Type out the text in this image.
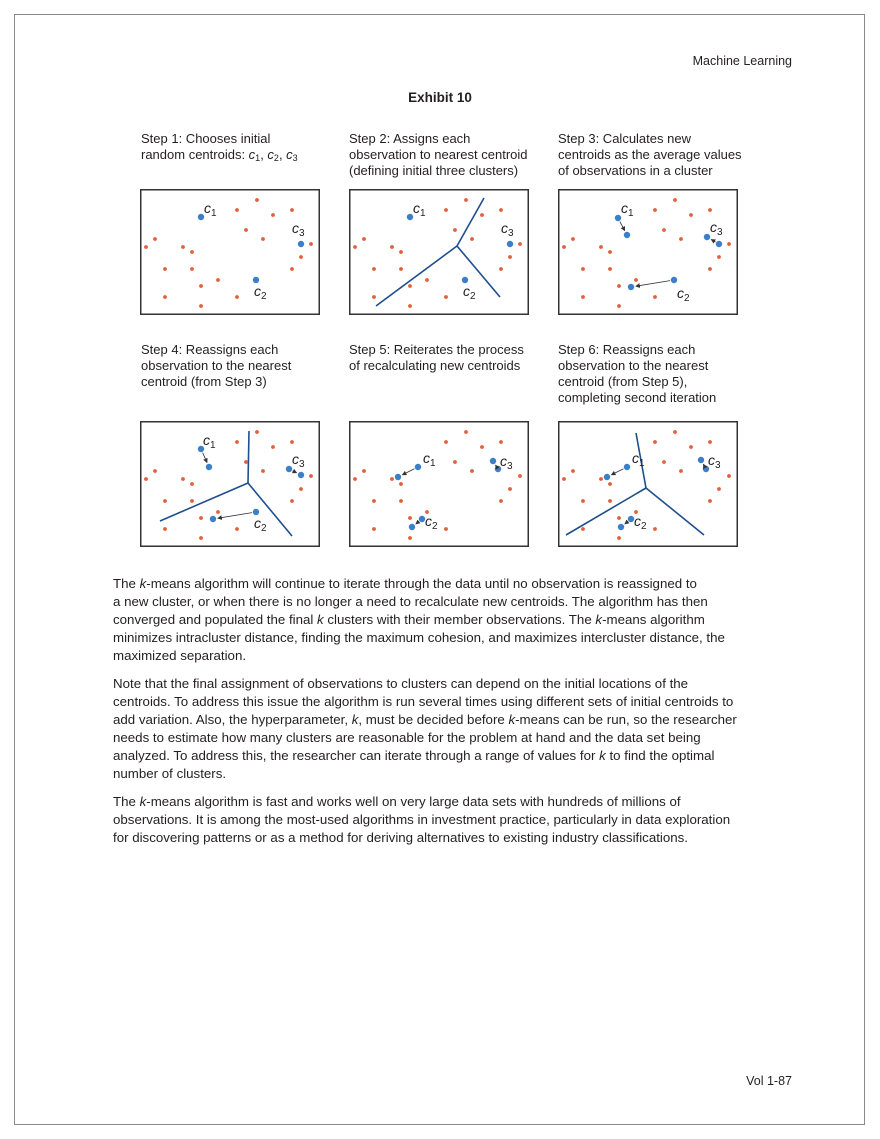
Machine Learning
Exhibit 10
Step 1: Chooses initial
random centroids: $c_1$, $c_2$, $c_3$
Step 2: Assigns each
observation to nearest centroid
(defining initial three clusters)
Step 3: Calculates new
centroids as the average values
of observations in a cluster
Step 4: Reassigns each
observation to the nearest
centroid (from Step 3)
Step 5: Reiterates the process
of recalculating new centroids
Step 6: Reassigns each
observation to the nearest
centroid (from Step 5),
completing second iteration
$c_1$
$c_2$
$c_3$
$c_1$
$c_2$
$c_3$
$c_1$
$c_2$
$c_3$
$c_1$
$c_2$
$c_3$	$c_1$
$c_2$
$c_3$
$c_1$
$c_2$
$c_3$

The k-means algorithm will continue to iterate through the data until no observation is reassigned to
a new cluster, or when there is no longer a need to recalculate new centroids. The algorithm has then
converged and populated the final k clusters with their member observations. The k-means algorithm
minimizes intracluster distance, finding the maximum cohesion, and maximizes intercluster distance, the
maximized separation.

Note that the final assignment of observations to clusters can depend on the initial locations of the
centroids. To address this issue the algorithm is run several times using different sets of initial centroids to
add variation. Also, the hyperparameter, k, must be decided before k-means can be run, so the researcher
needs to estimate how many clusters are reasonable for the problem at hand and the data set being
analyzed. To address this, the researcher can iterate through a range of values for k to find the optimal
number of clusters.

The k-means algorithm is fast and works well on very large data sets with hundreds of millions of
observations. It is among the most-used algorithms in investment practice, particularly in data exploration
for discovering patterns or as a method for deriving alternatives to existing industry classifications.

Vol 1-87
